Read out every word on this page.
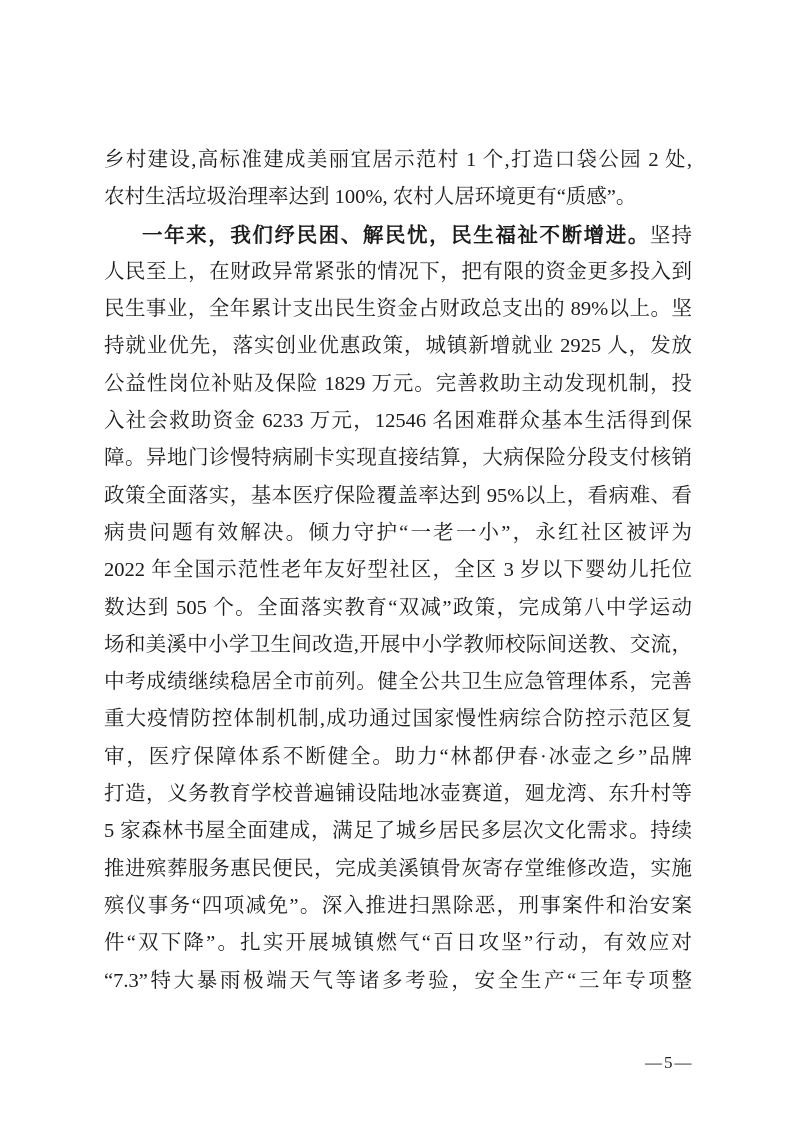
乡村建设,高标准建成美丽宜居示范村 1 个,打造口袋公园 2 处,
农村生活垃圾治理率达到 100%, 农村人居环境更有“质感”。
一年来，我们纾民困、解民忧，民生福祉不断增进。坚持
人民至上，在财政异常紧张的情况下，把有限的资金更多投入到
民生事业，全年累计支出民生资金占财政总支出的 89%以上。坚
持就业优先，落实创业优惠政策，城镇新增就业 2925 人，发放
公益性岗位补贴及保险 1829 万元。完善救助主动发现机制，投
入社会救助资金 6233 万元，12546 名困难群众基本生活得到保
障。异地门诊慢特病刷卡实现直接结算，大病保险分段支付核销
政策全面落实，基本医疗保险覆盖率达到 95%以上，看病难、看
病贵问题有效解决。倾力守护“一老一小”，永红社区被评为
2022 年全国示范性老年友好型社区，全区 3 岁以下婴幼儿托位
数达到 505 个。全面落实教育“双减”政策，完成第八中学运动
场和美溪中小学卫生间改造,开展中小学教师校际间送教、交流，
中考成绩继续稳居全市前列。健全公共卫生应急管理体系，完善
重大疫情防控体制机制,成功通过国家慢性病综合防控示范区复
审，医疗保障体系不断健全。助力“林都伊春·冰壶之乡”品牌
打造，义务教育学校普遍铺设陆地冰壶赛道，廻龙湾、东升村等
5 家森林书屋全面建成，满足了城乡居民多层次文化需求。持续
推进殡葬服务惠民便民，完成美溪镇骨灰寄存堂维修改造，实施
殡仪事务“四项减免”。深入推进扫黑除恶，刑事案件和治安案
件“双下降”。扎实开展城镇燃气“百日攻坚”行动，有效应对
“7.3”特大暴雨极端天气等诸多考验，安全生产“三年专项整
—5—
